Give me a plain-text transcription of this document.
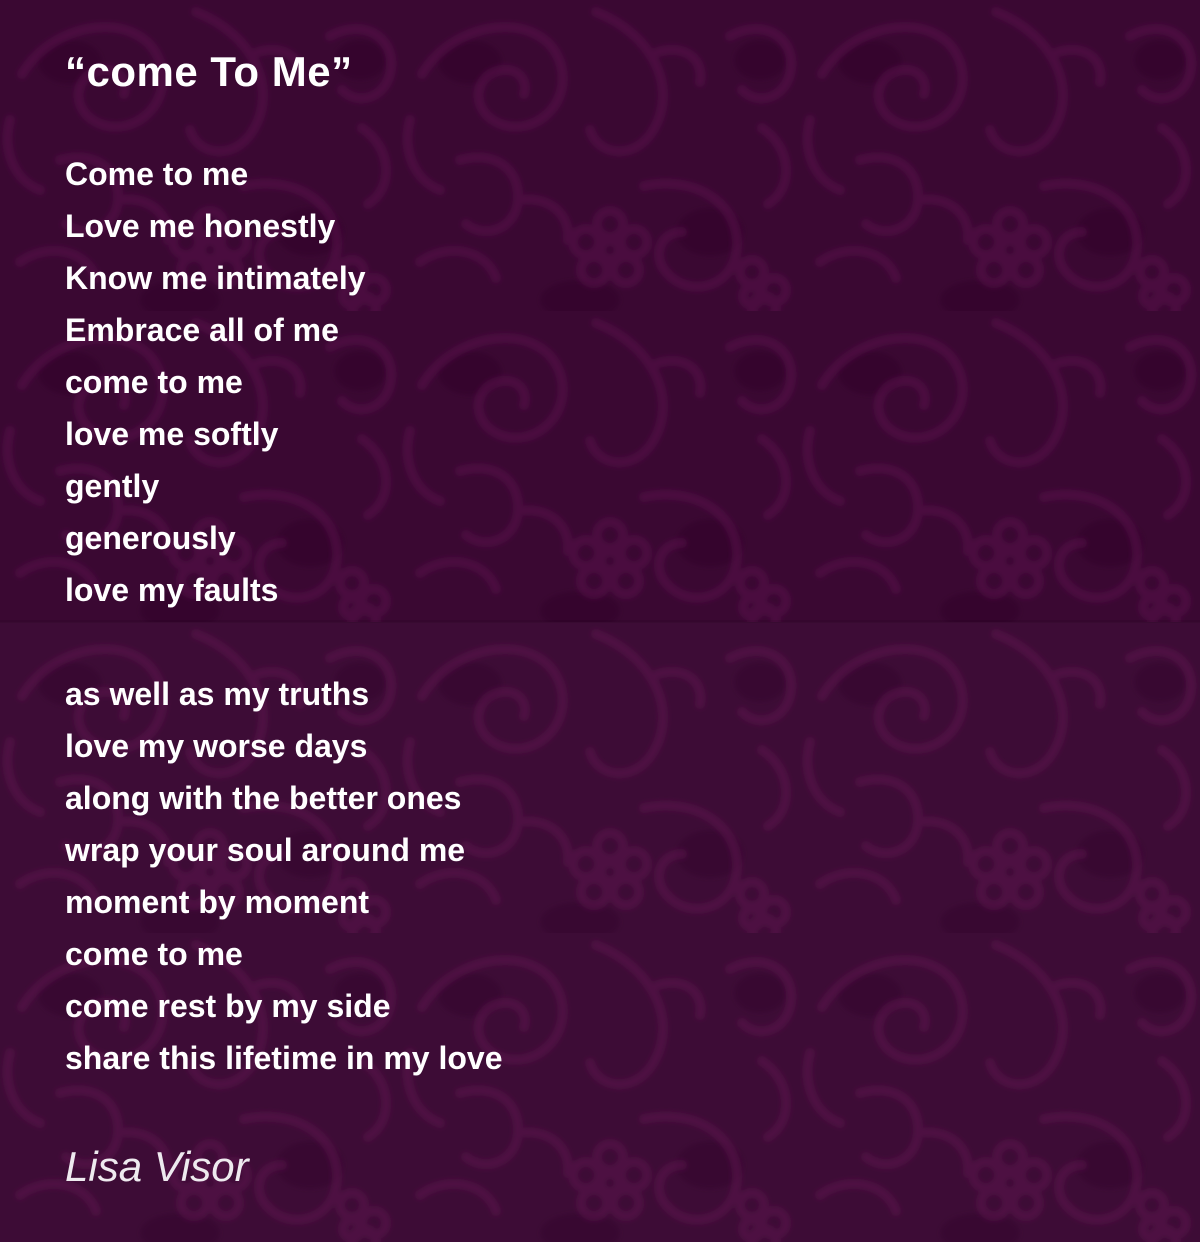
“come To Me”
Come to me
Love me honestly
Know me intimately
Embrace all of me
come to me
love me softly
gently
generously
love my faults
as well as my truths
love my worse days
along with the better ones
wrap your soul around me
moment by moment
come to me
come rest by my side
share this lifetime in my love
Lisa Visor
